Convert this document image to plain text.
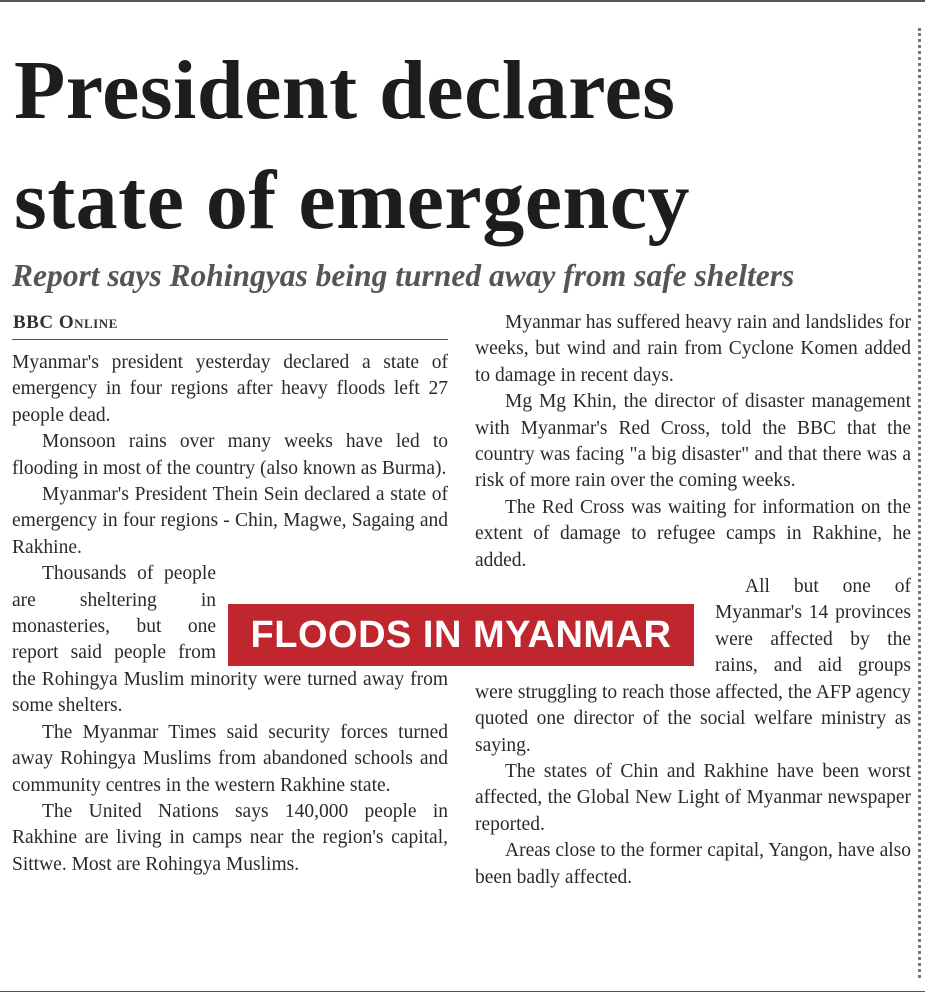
President declares
state of emergency
Report says Rohingyas being turned away from safe shelters
BBC Online

Myanmar's president yesterday declared a state of emergency in four regions after heavy floods left 27 people dead.

Monsoon rains over many weeks have led to flooding in most of the country (also known as Burma).

Myanmar's President Thein Sein declared a state of emergency in four regions - Chin, Magwe, Sagaing and Rakhine.

Thousands of people are sheltering in monasteries, but one report said people from the Rohingya Muslim minority were turned away from some shelters.

The Myanmar Times said security forces turned away Rohingya Muslims from abandoned schools and community centres in the western Rakhine state.

The United Nations says 140,000 people in Rakhine are living in camps near the region's capital, Sittwe. Most are Rohingya Muslims.

Myanmar has suffered heavy rain and landslides for weeks, but wind and rain from Cyclone Komen added to damage in recent days.

Mg Mg Khin, the director of disaster management with Myanmar's Red Cross, told the BBC that the country was facing "a big disaster" and that there was a risk of more rain over the coming weeks.

The Red Cross was waiting for information on the extent of damage to refugee camps in Rakhine, he added.

All but one of Myanmar's 14 provinces were affected by the rains, and aid groups were struggling to reach those affected, the AFP agency quoted one director of the social welfare ministry as saying.

The states of Chin and Rakhine have been worst affected, the Global New Light of Myanmar newspaper reported.

Areas close to the former capital, Yangon, have also been badly affected.

FLOODS IN MYANMAR
